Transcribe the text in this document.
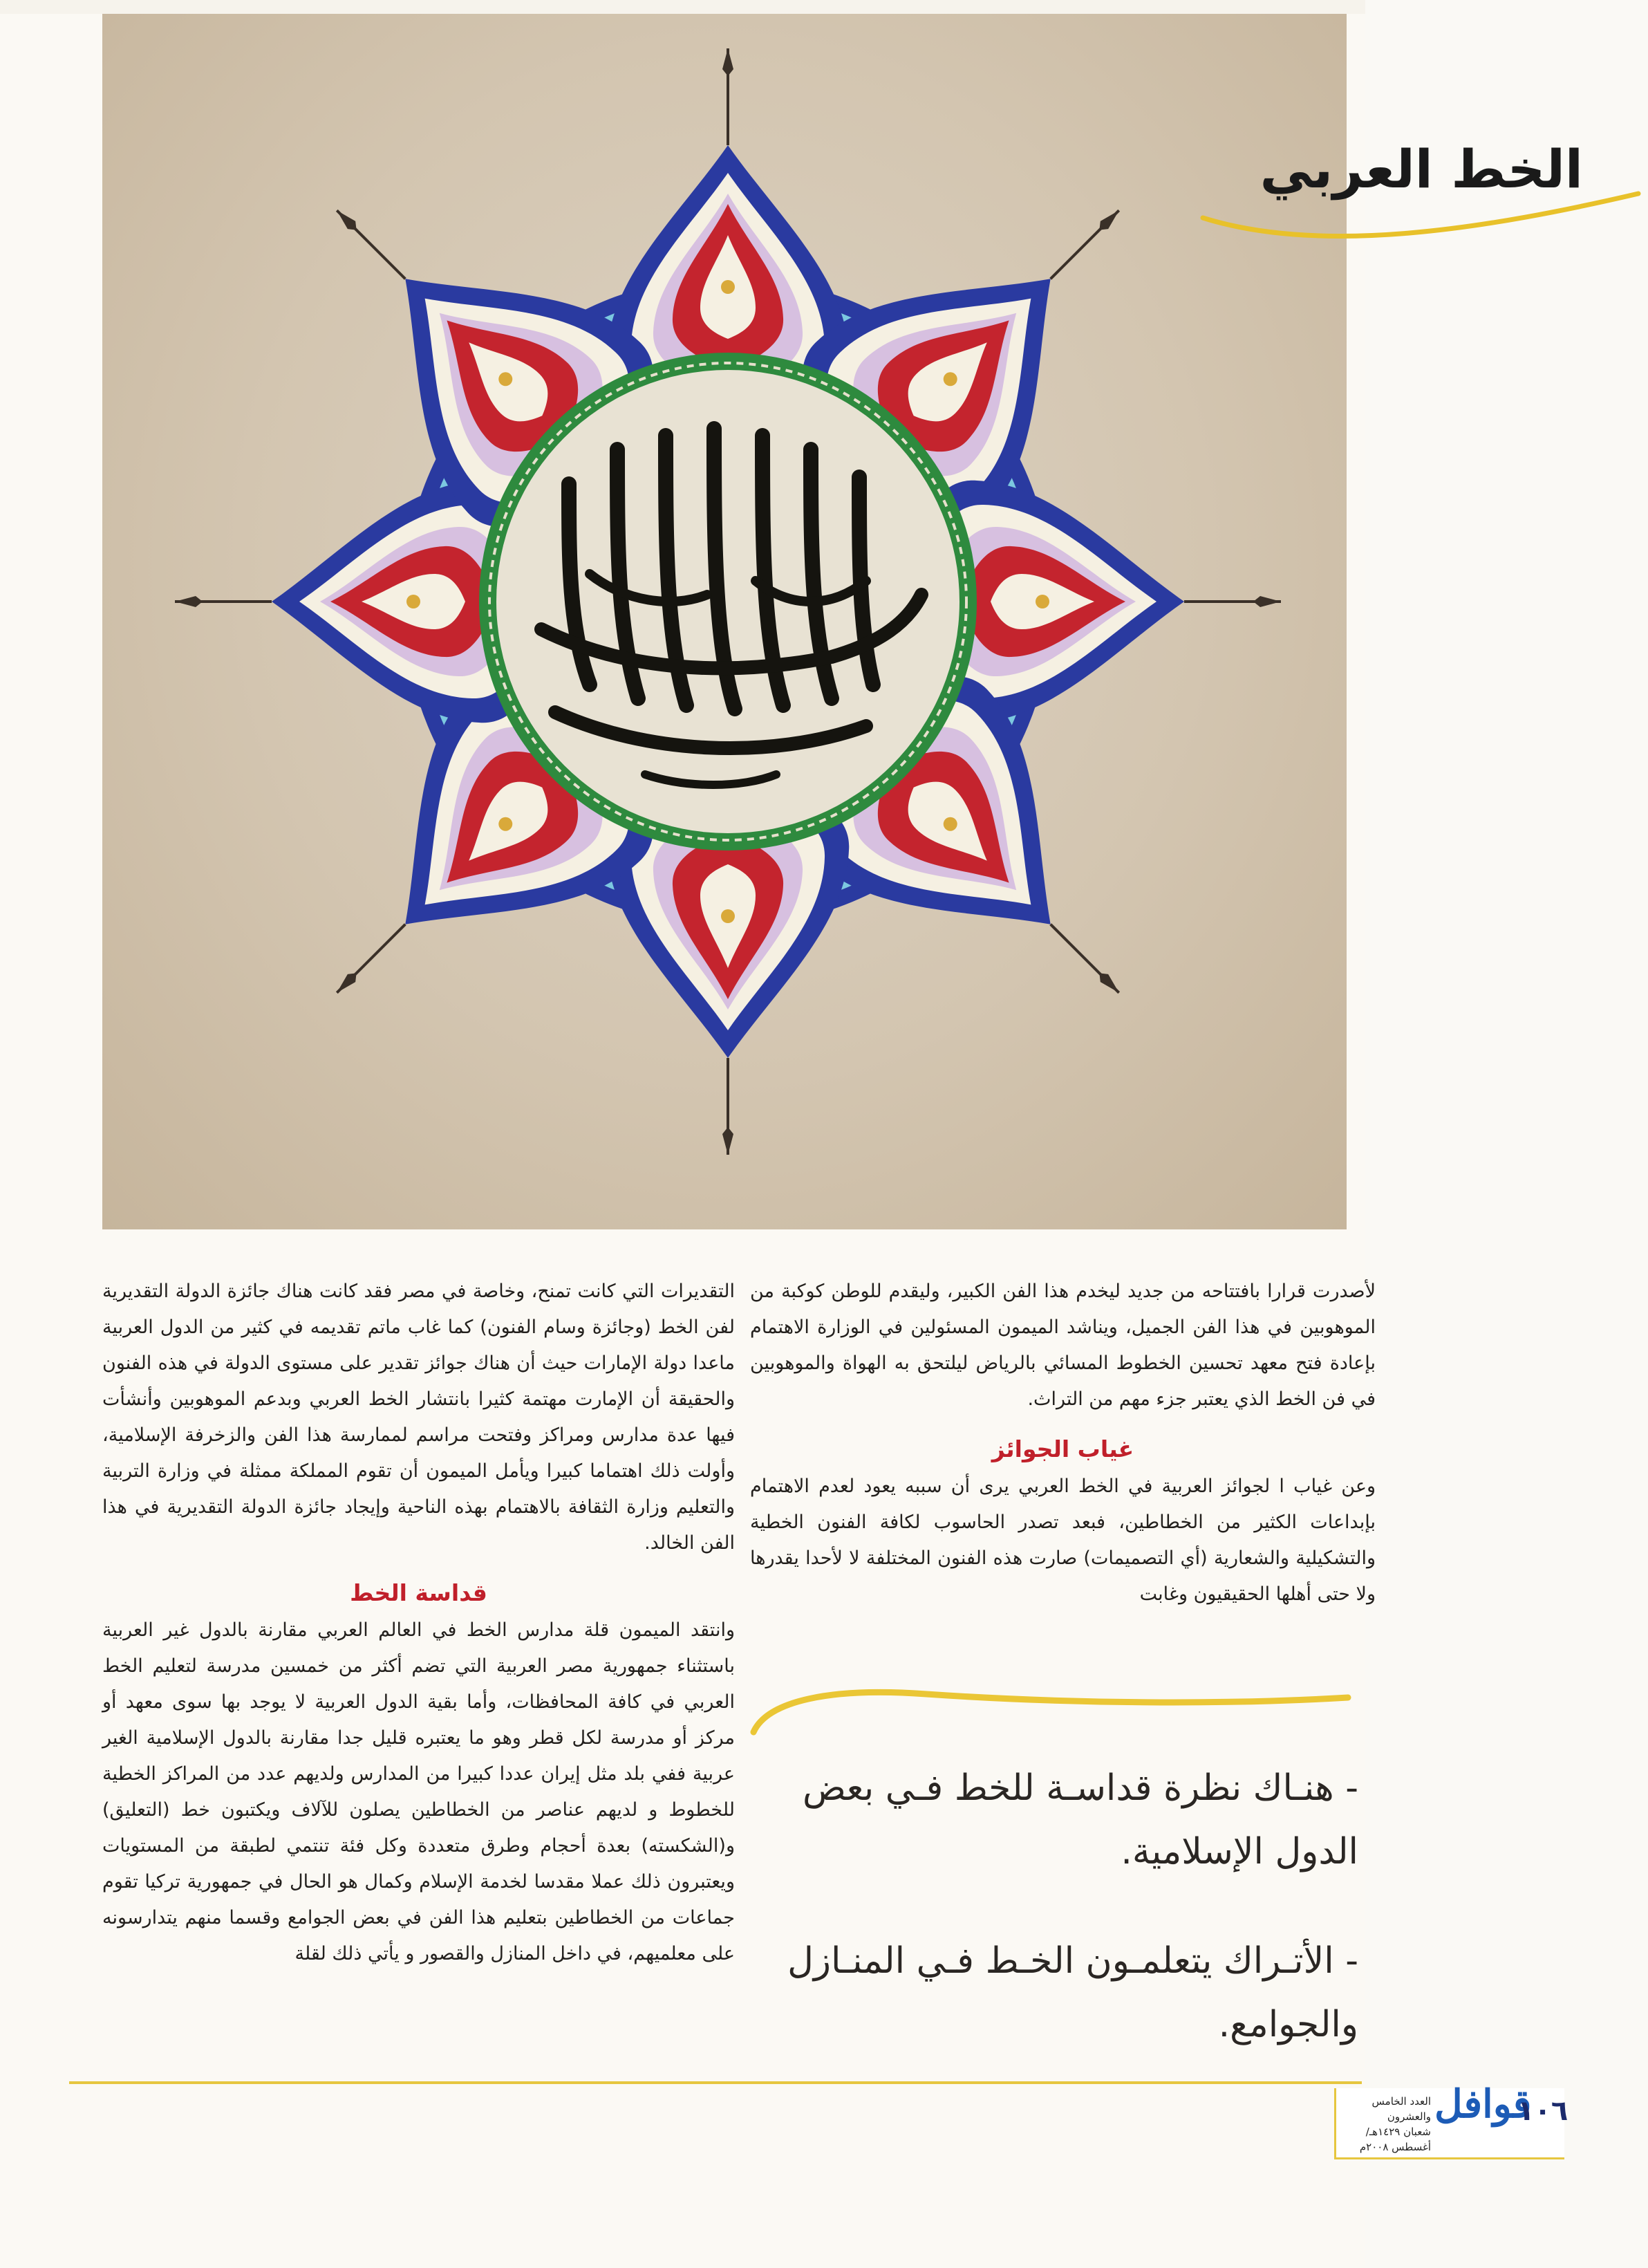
الخط العربي

لأصدرت قرارا بافتتاحه من جديد ليخدم هذا الفن الكبير، وليقدم للوطن كوكبة من الموهوبين في هذا الفن الجميل، ويناشد الميمون المسئولين في الوزارة الاهتمام بإعادة فتح معهد تحسين الخطوط المسائي بالرياض ليلتحق به الهواة والموهوبين في فن الخط الذي يعتبر جزء مهم من التراث.

غياب الجوائز

وعن غياب ا لجوائز العربية في الخط العربي يرى أن سببه يعود لعدم الاهتمام بإبداعات الكثير من الخطاطين، فبعد تصدر الحاسوب لكافة الفنون الخطية والتشكيلية والشعارية (أي التصميمات) صارت هذه الفنون المختلفة لا لأحدا يقدرها ولا حتى أهلها الحقيقيون وغابت

- هنـاك نظرة قداسـة للخط فـي بعض الدول الإسلامية.
- الأتـراك يتعلمـون الخـط فـي المنـازل والجوامع.

التقديرات التي كانت تمنح، وخاصة في مصر فقد كانت هناك جائزة الدولة التقديرية لفن الخط (وجائزة وسام الفنون) كما غاب ماتم تقديمه في كثير من الدول العربية ماعدا دولة الإمارات حيث أن هناك جوائز تقدير على مستوى الدولة في هذه الفنون والحقيقة أن الإمارت مهتمة كثيرا بانتشار الخط العربي وبدعم الموهوبين وأنشأت فيها عدة مدارس ومراكز وفتحت مراسم لممارسة هذا الفن والزخرفة الإسلامية، وأولت ذلك اهتماما كبيرا ويأمل الميمون أن تقوم المملكة ممثلة في وزارة التربية والتعليم وزارة الثقافة بالاهتمام بهذه الناحية وإيجاد جائزة الدولة التقديرية في هذا الفن الخالد.

قداسة الخط

وانتقد الميمون قلة مدارس الخط في العالم العربي مقارنة بالدول غير العربية باستثناء جمهورية مصر العربية التي تضم أكثر من خمسين مدرسة لتعليم الخط العربي في كافة المحافظات، وأما بقية الدول العربية لا يوجد بها سوى معهد أو مركز أو مدرسة لكل قطر وهو ما يعتبره قليل جدا مقارنة بالدول الإسلامية الغير عربية ففي بلد مثل إيران عددا كبيرا من المدارس ولديهم عدد من المراكز الخطية للخطوط و لديهم عناصر من الخطاطين يصلون للآلاف ويكتبون خط (التعليق) و(الشكسته) بعدة أحجام وطرق متعددة وكل فئة تنتمي لطبقة من المستويات ويعتبرون ذلك عملا مقدسا لخدمة الإسلام وكمال هو الحال في جمهورية تركيا تقوم جماعات من الخطاطين بتعليم هذا الفن في بعض الجوامع وقسما منهم يتدارسونه على معلميهم، في داخل المنازل والقصور و يأتي ذلك لقلة

العدد الخامس والعشرون
شعبان ١٤٢٩هـ/ أغسطس ٢٠٠٨م
قوافل
١٠٦
